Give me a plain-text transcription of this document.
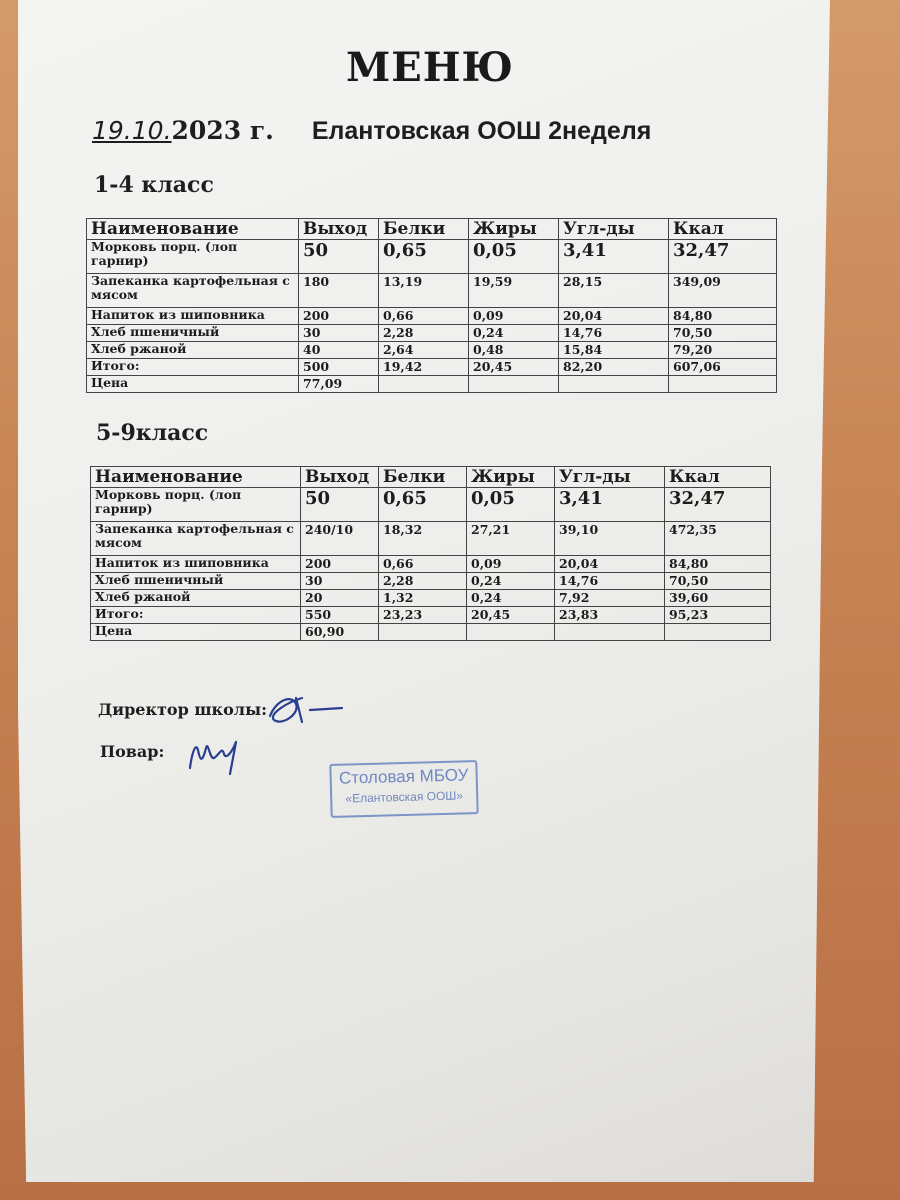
МЕНЮ
19.10.2023 г. Елантовская ООШ 2неделя
1-4 класс
Наименование	Выход	Белки	Жиры	Угл-ды	Ккал
Морковь порц. (лоп гарнир)	50	0,65	0,05	3,41	32,47
Запеканка картофельная с мясом	180	13,19	19,59	28,15	349,09
Напиток из шиповника	200	0,66	0,09	20,04	84,80
Хлеб пшеничный	30	2,28	0,24	14,76	70,50
Хлеб ржаной	40	2,64	0,48	15,84	79,20
Итого:	500	19,42	20,45	82,20	607,06
Цена	77,09				
5-9класс
Наименование	Выход	Белки	Жиры	Угл-ды	Ккал
Морковь порц. (лоп гарнир)	50	0,65	0,05	3,41	32,47
Запеканка картофельная с мясом	240/10	18,32	27,21	39,10	472,35
Напиток из шиповника	200	0,66	0,09	20,04	84,80
Хлеб пшеничный	30	2,28	0,24	14,76	70,50
Хлеб ржаной	20	1,32	0,24	7,92	39,60
Итого:	550	23,23	20,45	23,83	95,23
Цена	60,90				
Директор школы:
Повар:
Столовая МБОУ
«Елантовская ООШ»
